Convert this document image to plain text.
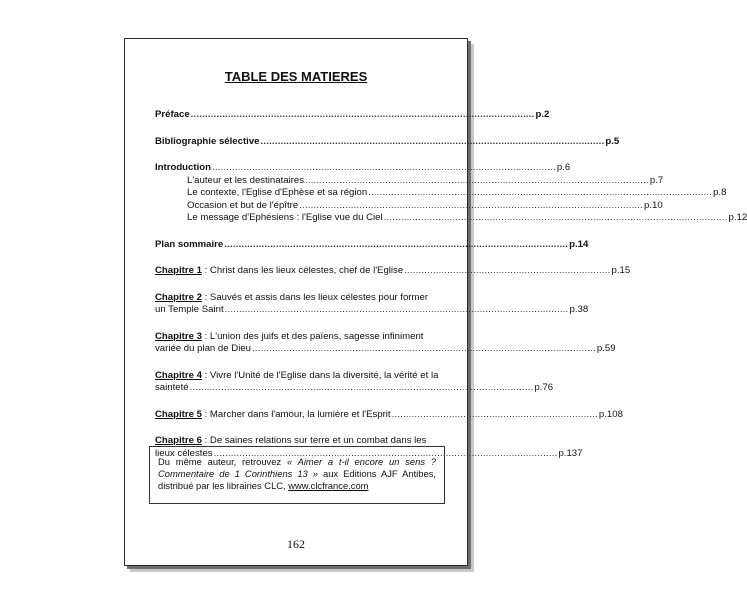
TABLE DES MATIERES
Préface ........................................................................................................................ p.2
Bibliographie sélective ........................................................................................................................ p.5
Introduction ........................................................................................................................ p.6
L'auteur et les destinataires ........................................................................................................................ p.7
Le contexte, l'Eglise d'Ephèse et sa région ........................................................................................................................ p.8
Occasion et but de l'épître ........................................................................................................................ p.10
Le message d'Ephésiens : l'Eglise vue du Ciel ........................................................................................................................ p.12
Plan sommaire ........................................................................................................................ p.14
Chapitre 1 : Christ dans les lieux célestes, chef de l'Eglise ........................................................................ p.15
Chapitre 2 : Sauvés et assis dans les lieux célestes pour former
un Temple Saint ........................................................................................................................ p.38
Chapitre 3 : L'union des juifs et des païens, sagesse infiniment
variée du plan de Dieu ........................................................................................................................ p.59
Chapitre 4 : Vivre l'Unité de l'Eglise dans la diversité, la vérité et la
sainteté ........................................................................................................................ p.76
Chapitre 5 : Marcher dans l'amour, la lumière et l'Esprit ........................................................................ p.108
Chapitre 6 : De saines relations sur terre et un combat dans les
lieux célestes ........................................................................................................................ p.137
Du même auteur, retrouvez « Aimer a t-il encore un sens ? Commentaire de 1 Corinthiens 13 » aux Editions AJF Antibes, distribué par les librairies CLC, www.clcfrance.com
162
